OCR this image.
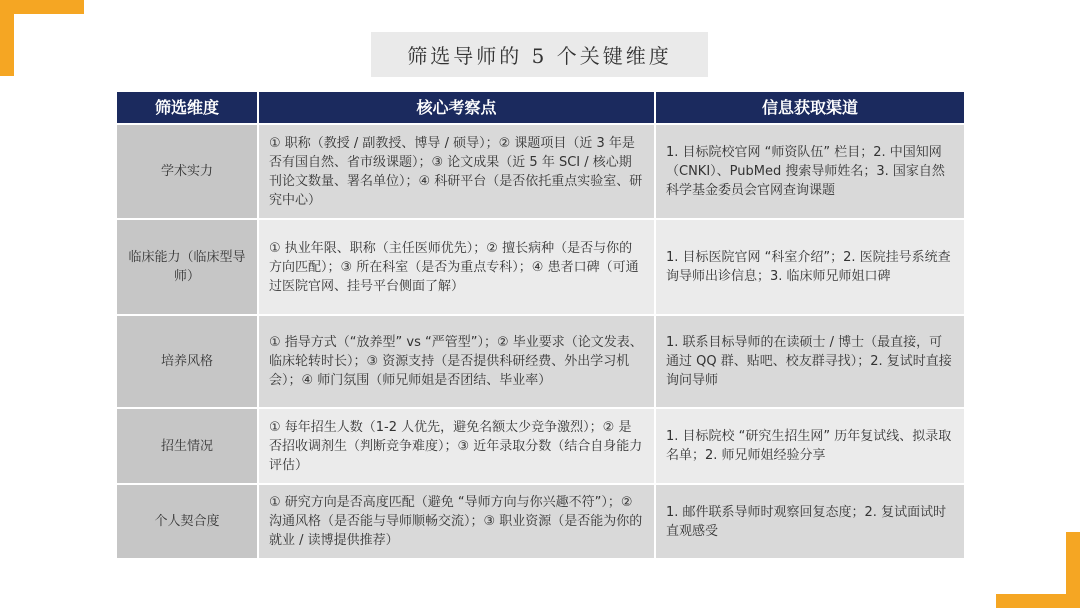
筛选导师的 5 个关键维度
筛选维度	核心考察点	信息获取渠道
学术实力	① 职称（教授 / 副教授、博导 / 硕导）；② 课题项目（近 3 年是否有国自然、省市级课题）；③ 论文成果（近 5 年 SCI / 核心期刊论文数量、署名单位）；④ 科研平台（是否依托重点实验室、研究中心）	1. 目标院校官网 “师资队伍” 栏目；2. 中国知网（CNKI）、PubMed 搜索导师姓名；3. 国家自然科学基金委员会官网查询课题
临床能力（临床型导师）	① 执业年限、职称（主任医师优先）；② 擅长病种（是否与你的方向匹配）；③ 所在科室（是否为重点专科）；④ 患者口碑（可通过医院官网、挂号平台侧面了解）	1. 目标医院官网 “科室介绍”；2. 医院挂号系统查询导师出诊信息；3. 临床师兄师姐口碑
培养风格	① 指导方式（“放养型” vs “严管型”）；② 毕业要求（论文发表、临床轮转时长）；③ 资源支持（是否提供科研经费、外出学习机会）；④ 师门氛围（师兄师姐是否团结、毕业率）	1. 联系目标导师的在读硕士 / 博士（最直接，可通过 QQ 群、贴吧、校友群寻找）；2. 复试时直接询问导师
招生情况	① 每年招生人数（1-2 人优先，避免名额太少竞争激烈）；② 是否招收调剂生（判断竞争难度）；③ 近年录取分数（结合自身能力评估）	1. 目标院校 “研究生招生网” 历年复试线、拟录取名单；2. 师兄师姐经验分享
个人契合度	① 研究方向是否高度匹配（避免 “导师方向与你兴趣不符”）；② 沟通风格（是否能与导师顺畅交流）；③ 职业资源（是否能为你的就业 / 读博提供推荐）	1. 邮件联系导师时观察回复态度；2. 复试面试时直观感受
